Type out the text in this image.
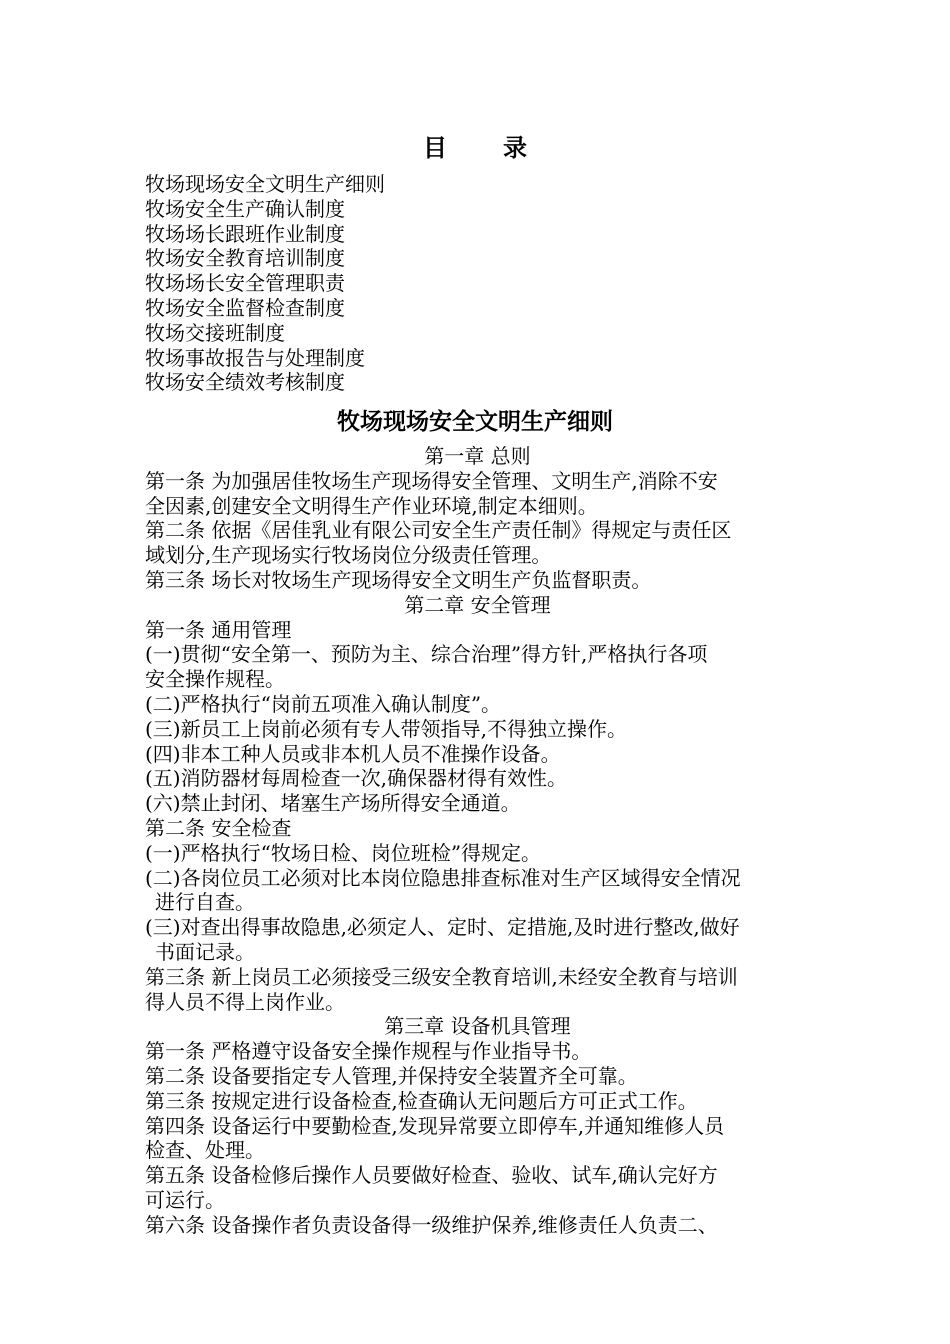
目 录
牧场现场安全文明生产细则
牧场安全生产确认制度
牧场场长跟班作业制度
牧场安全教育培训制度
牧场场长安全管理职责
牧场安全监督检查制度
牧场交接班制度
牧场事故报告与处理制度
牧场安全绩效考核制度
牧场现场安全文明生产细则
第一章 总则
第一条 为加强居佳牧场生产现场得安全管理、文明生产,消除不安
全因素,创建安全文明得生产作业环境,制定本细则。
第二条 依据《居佳乳业有限公司安全生产责任制》得规定与责任区
域划分,生产现场实行牧场岗位分级责任管理。
第三条 场长对牧场生产现场得安全文明生产负监督职责。
第二章 安全管理
第一条 通用管理
(一)贯彻“安全第一、预防为主、综合治理”得方针,严格执行各项
安全操作规程。
(二)严格执行“岗前五项准入确认制度”。
(三)新员工上岗前必须有专人带领指导,不得独立操作。
(四)非本工种人员或非本机人员不准操作设备。
(五)消防器材每周检查一次,确保器材得有效性。
(六)禁止封闭、堵塞生产场所得安全通道。
第二条 安全检查
(一)严格执行“牧场日检、岗位班检”得规定。
(二)各岗位员工必须对比本岗位隐患排查标准对生产区域得安全情况
进行自查。
(三)对查出得事故隐患,必须定人、定时、定措施,及时进行整改,做好
书面记录。
第三条 新上岗员工必须接受三级安全教育培训,未经安全教育与培训
得人员不得上岗作业。
第三章 设备机具管理
第一条 严格遵守设备安全操作规程与作业指导书。
第二条 设备要指定专人管理,并保持安全装置齐全可靠。
第三条 按规定进行设备检查,检查确认无问题后方可正式工作。
第四条 设备运行中要勤检查,发现异常要立即停车,并通知维修人员
检查、处理。
第五条 设备检修后操作人员要做好检查、验收、试车,确认完好方
可运行。
第六条 设备操作者负责设备得一级维护保养,维修责任人负责二、
